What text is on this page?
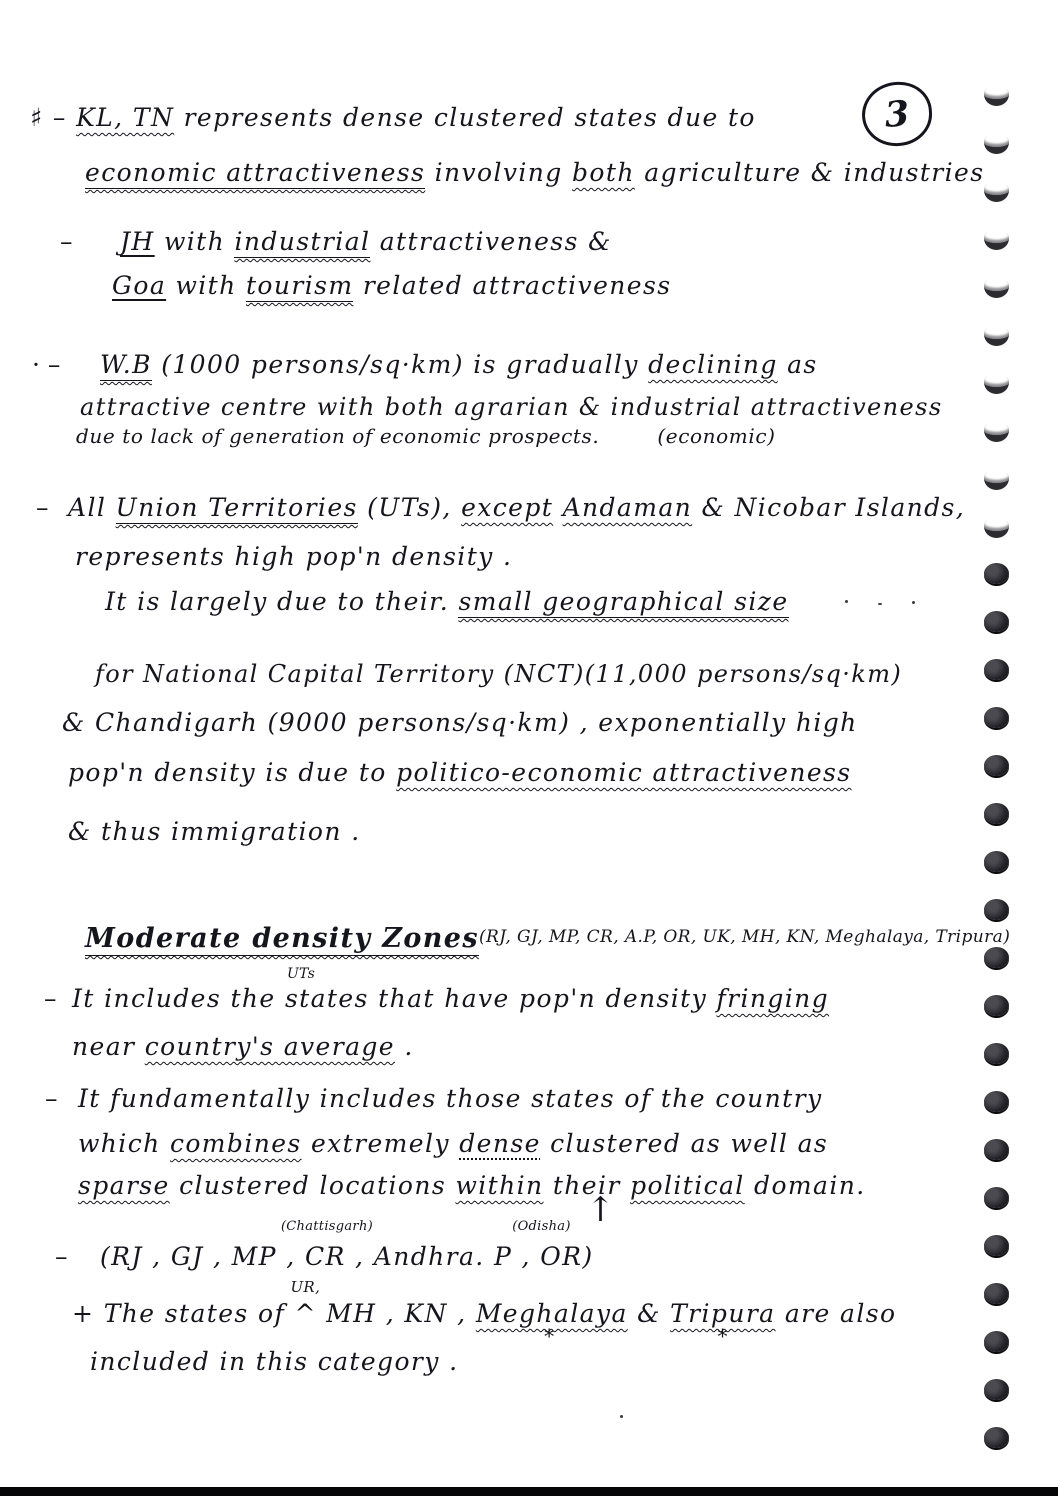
3
♯ – KL, TN represents dense clustered states due to
economic attractiveness involving both agriculture & industries
– JH with industrial attractiveness &
Goa with tourism related attractiveness
· – W.B (1000 persons/sq·km) is gradually declining as
attractive centre with both agrarian & industrial attractiveness
due to lack of generation of economic prospects.	(economic)
– All Union Territories (UTs), except Andaman & Nicobar Islands,
represents high pop'n density .
It is largely due to their. small geographical size
for National Capital Territory (NCT)(11,000 persons/sq·km)
& Chandigarh (9000 persons/sq·km) , exponentially high
pop'n density is due to politico-economic attractiveness
& thus immigration .
Moderate density Zones$^{(RJ, GJ, MP, CR, A.P, OR, UK, MH, KN, Meghalaya, Tripura)}$
– It includes the states
UTs
that have pop'n density fringing
near country's average .
– It fundamentally includes those states of the country
which combines extremely dense clustered as well as
sparse clustered locations within their political domain.
– (RJ , GJ , MP , CR
(Chattisgarh)
, Andhra. P , OR
(Odisha) ↑
)
+ The states of ^
UR,
MH , KN , Meghalaya
*
& Tripura
*
are also
included in this category .
